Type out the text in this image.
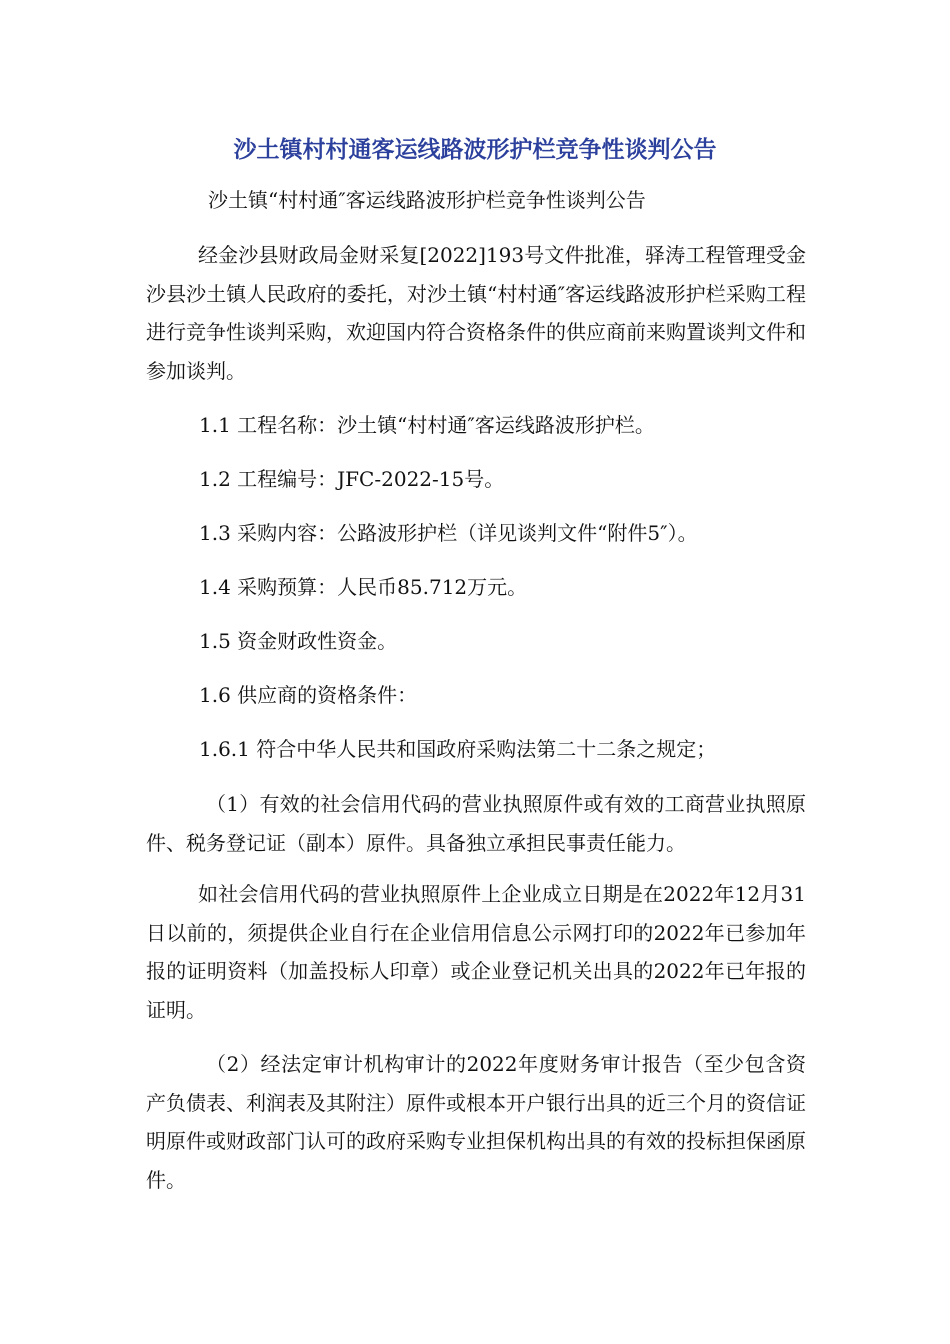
沙土镇村村通客运线路波形护栏竞争性谈判公告

沙土镇“村村通″客运线路波形护栏竞争性谈判公告

经金沙县财政局金财采复[2022]193号文件批准，驿涛工程管理受金沙县沙土镇人民政府的委托，对沙土镇“村村通″客运线路波形护栏采购工程进行竞争性谈判采购，欢迎国内符合资格条件的供应商前来购置谈判文件和参加谈判。

1.1 工程名称：沙土镇“村村通″客运线路波形护栏。

1.2 工程编号：JFC-2022-15号。

1.3 采购内容：公路波形护栏（详见谈判文件“附件5″）。

1.4 采购预算：人民币85.712万元。

1.5 资金财政性资金。

1.6 供应商的资格条件：

1.6.1 符合中华人民共和国政府采购法第二十二条之规定；

（1）有效的社会信用代码的营业执照原件或有效的工商营业执照原件、税务登记证（副本）原件。具备独立承担民事责任能力。

如社会信用代码的营业执照原件上企业成立日期是在2022年12月31日以前的，须提供企业自行在企业信用信息公示网打印的2022年已参加年报的证明资料（加盖投标人印章）或企业登记机关出具的2022年已年报的证明。

（2）经法定审计机构审计的2022年度财务审计报告（至少包含资产负债表、利润表及其附注）原件或根本开户银行出具的近三个月的资信证明原件或财政部门认可的政府采购专业担保机构出具的有效的投标担保函原件。
